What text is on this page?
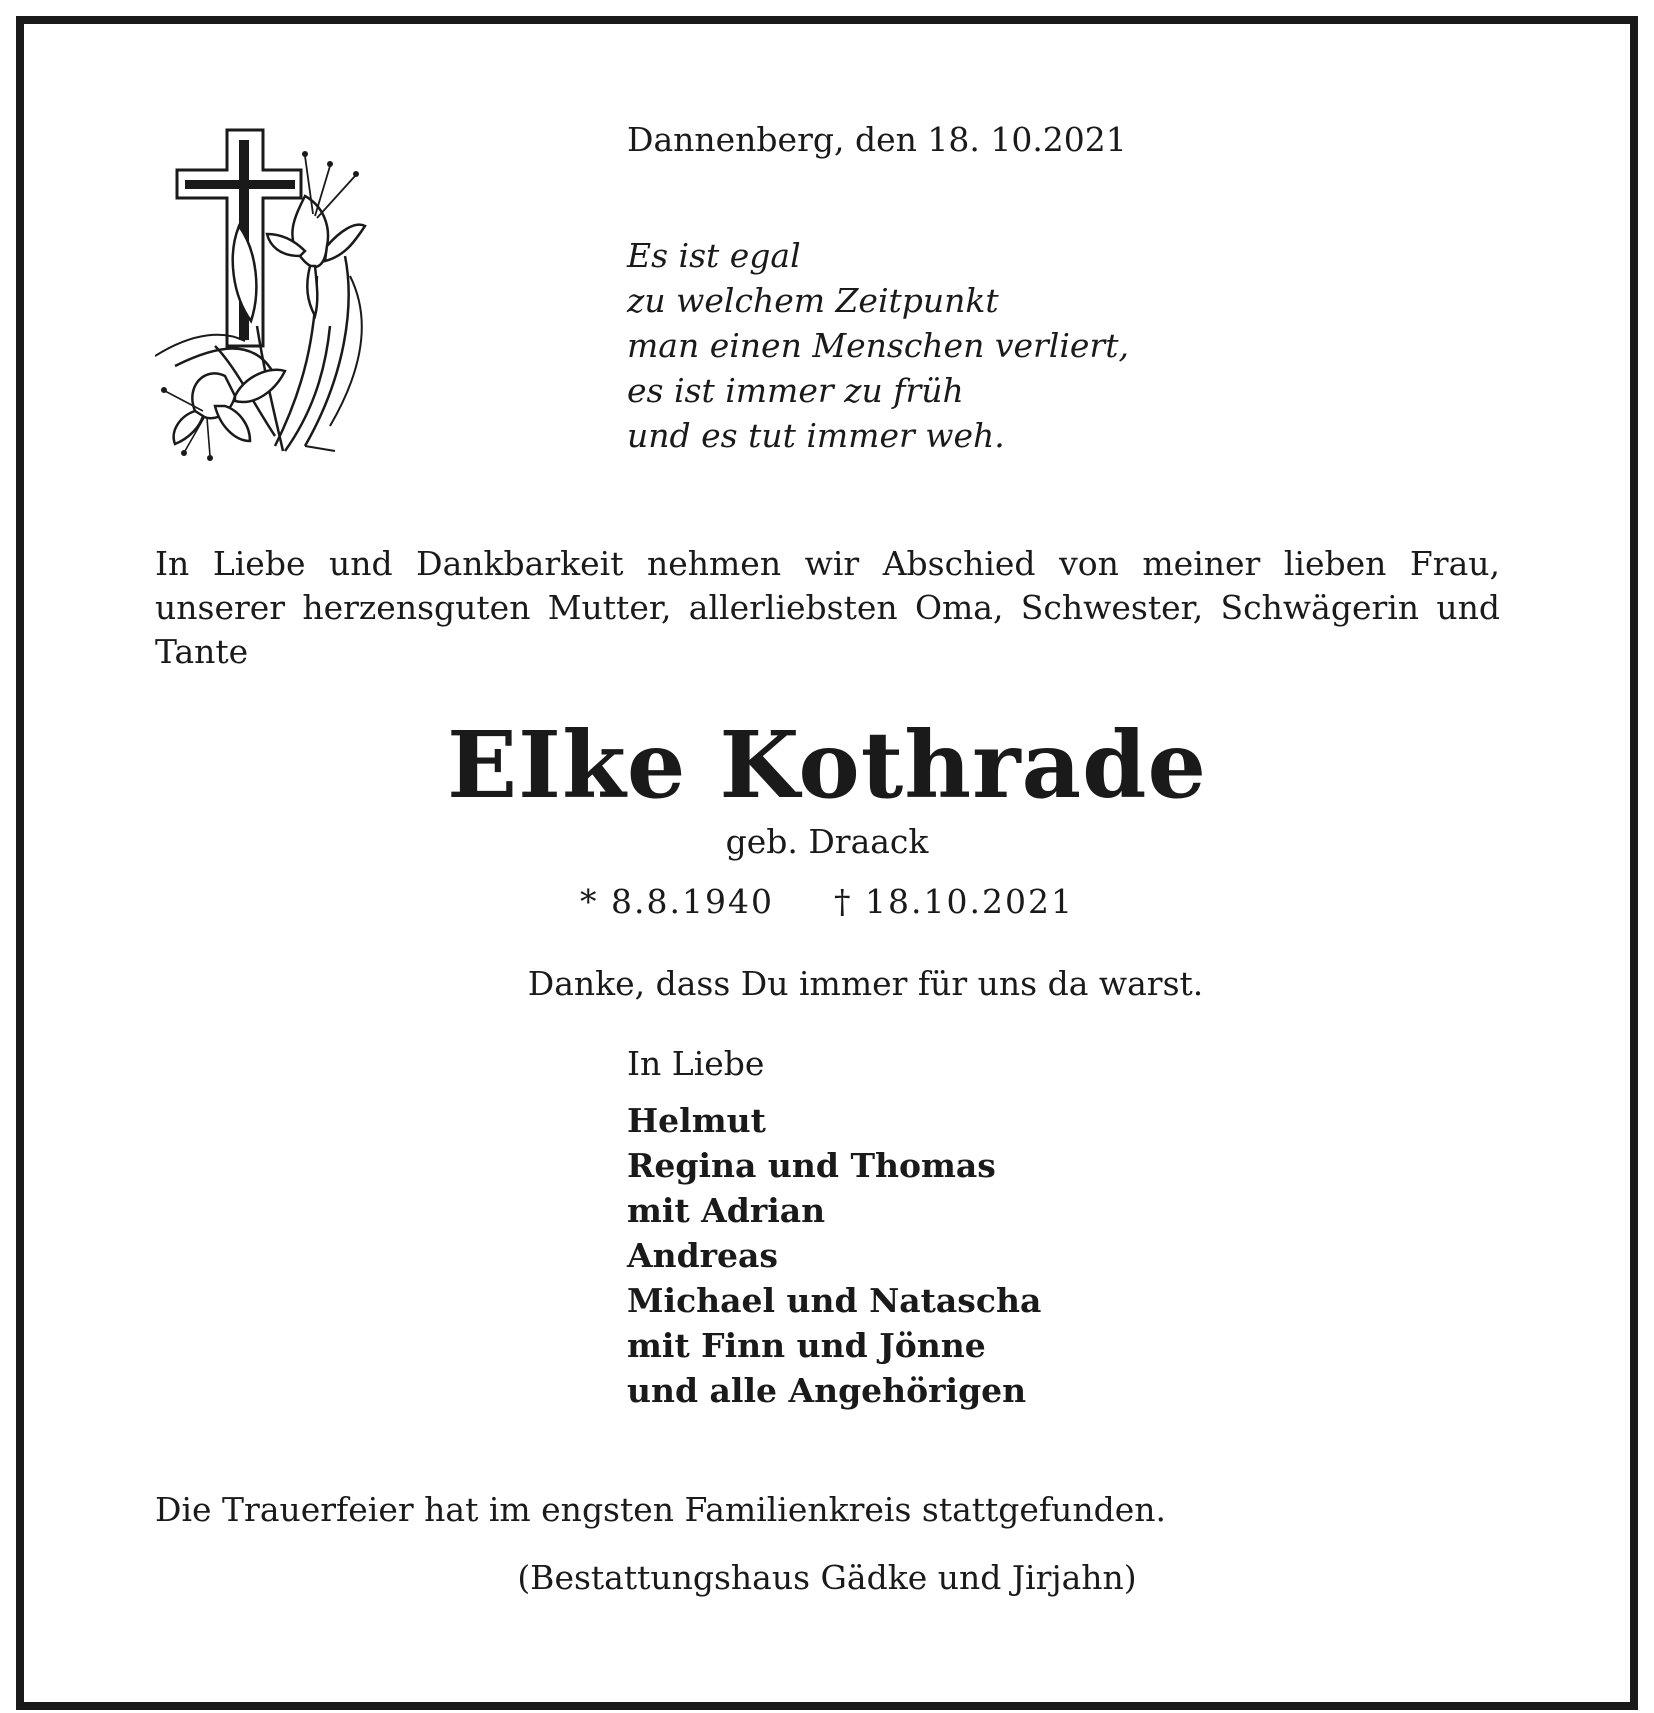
Dannenberg, den 18. 10.2021
Es ist egal
zu welchem Zeitpunkt
man einen Menschen verliert,
es ist immer zu früh
und es tut immer weh.
In Liebe und Dankbarkeit nehmen wir Abschied von meiner lieben Frau,
unserer herzensguten Mutter, allerliebsten Oma, Schwester, Schwägerin und
Tante
EIke Kothrade
geb. Draack
* 8.8.1940 † 18.10.2021
Danke, dass Du immer für uns da warst.
In Liebe
Helmut
Regina und Thomas
mit Adrian
Andreas
Michael und Natascha
mit Finn und Jönne
und alle Angehörigen
Die Trauerfeier hat im engsten Familienkreis stattgefunden.
(Bestattungshaus Gädke und Jirjahn)
